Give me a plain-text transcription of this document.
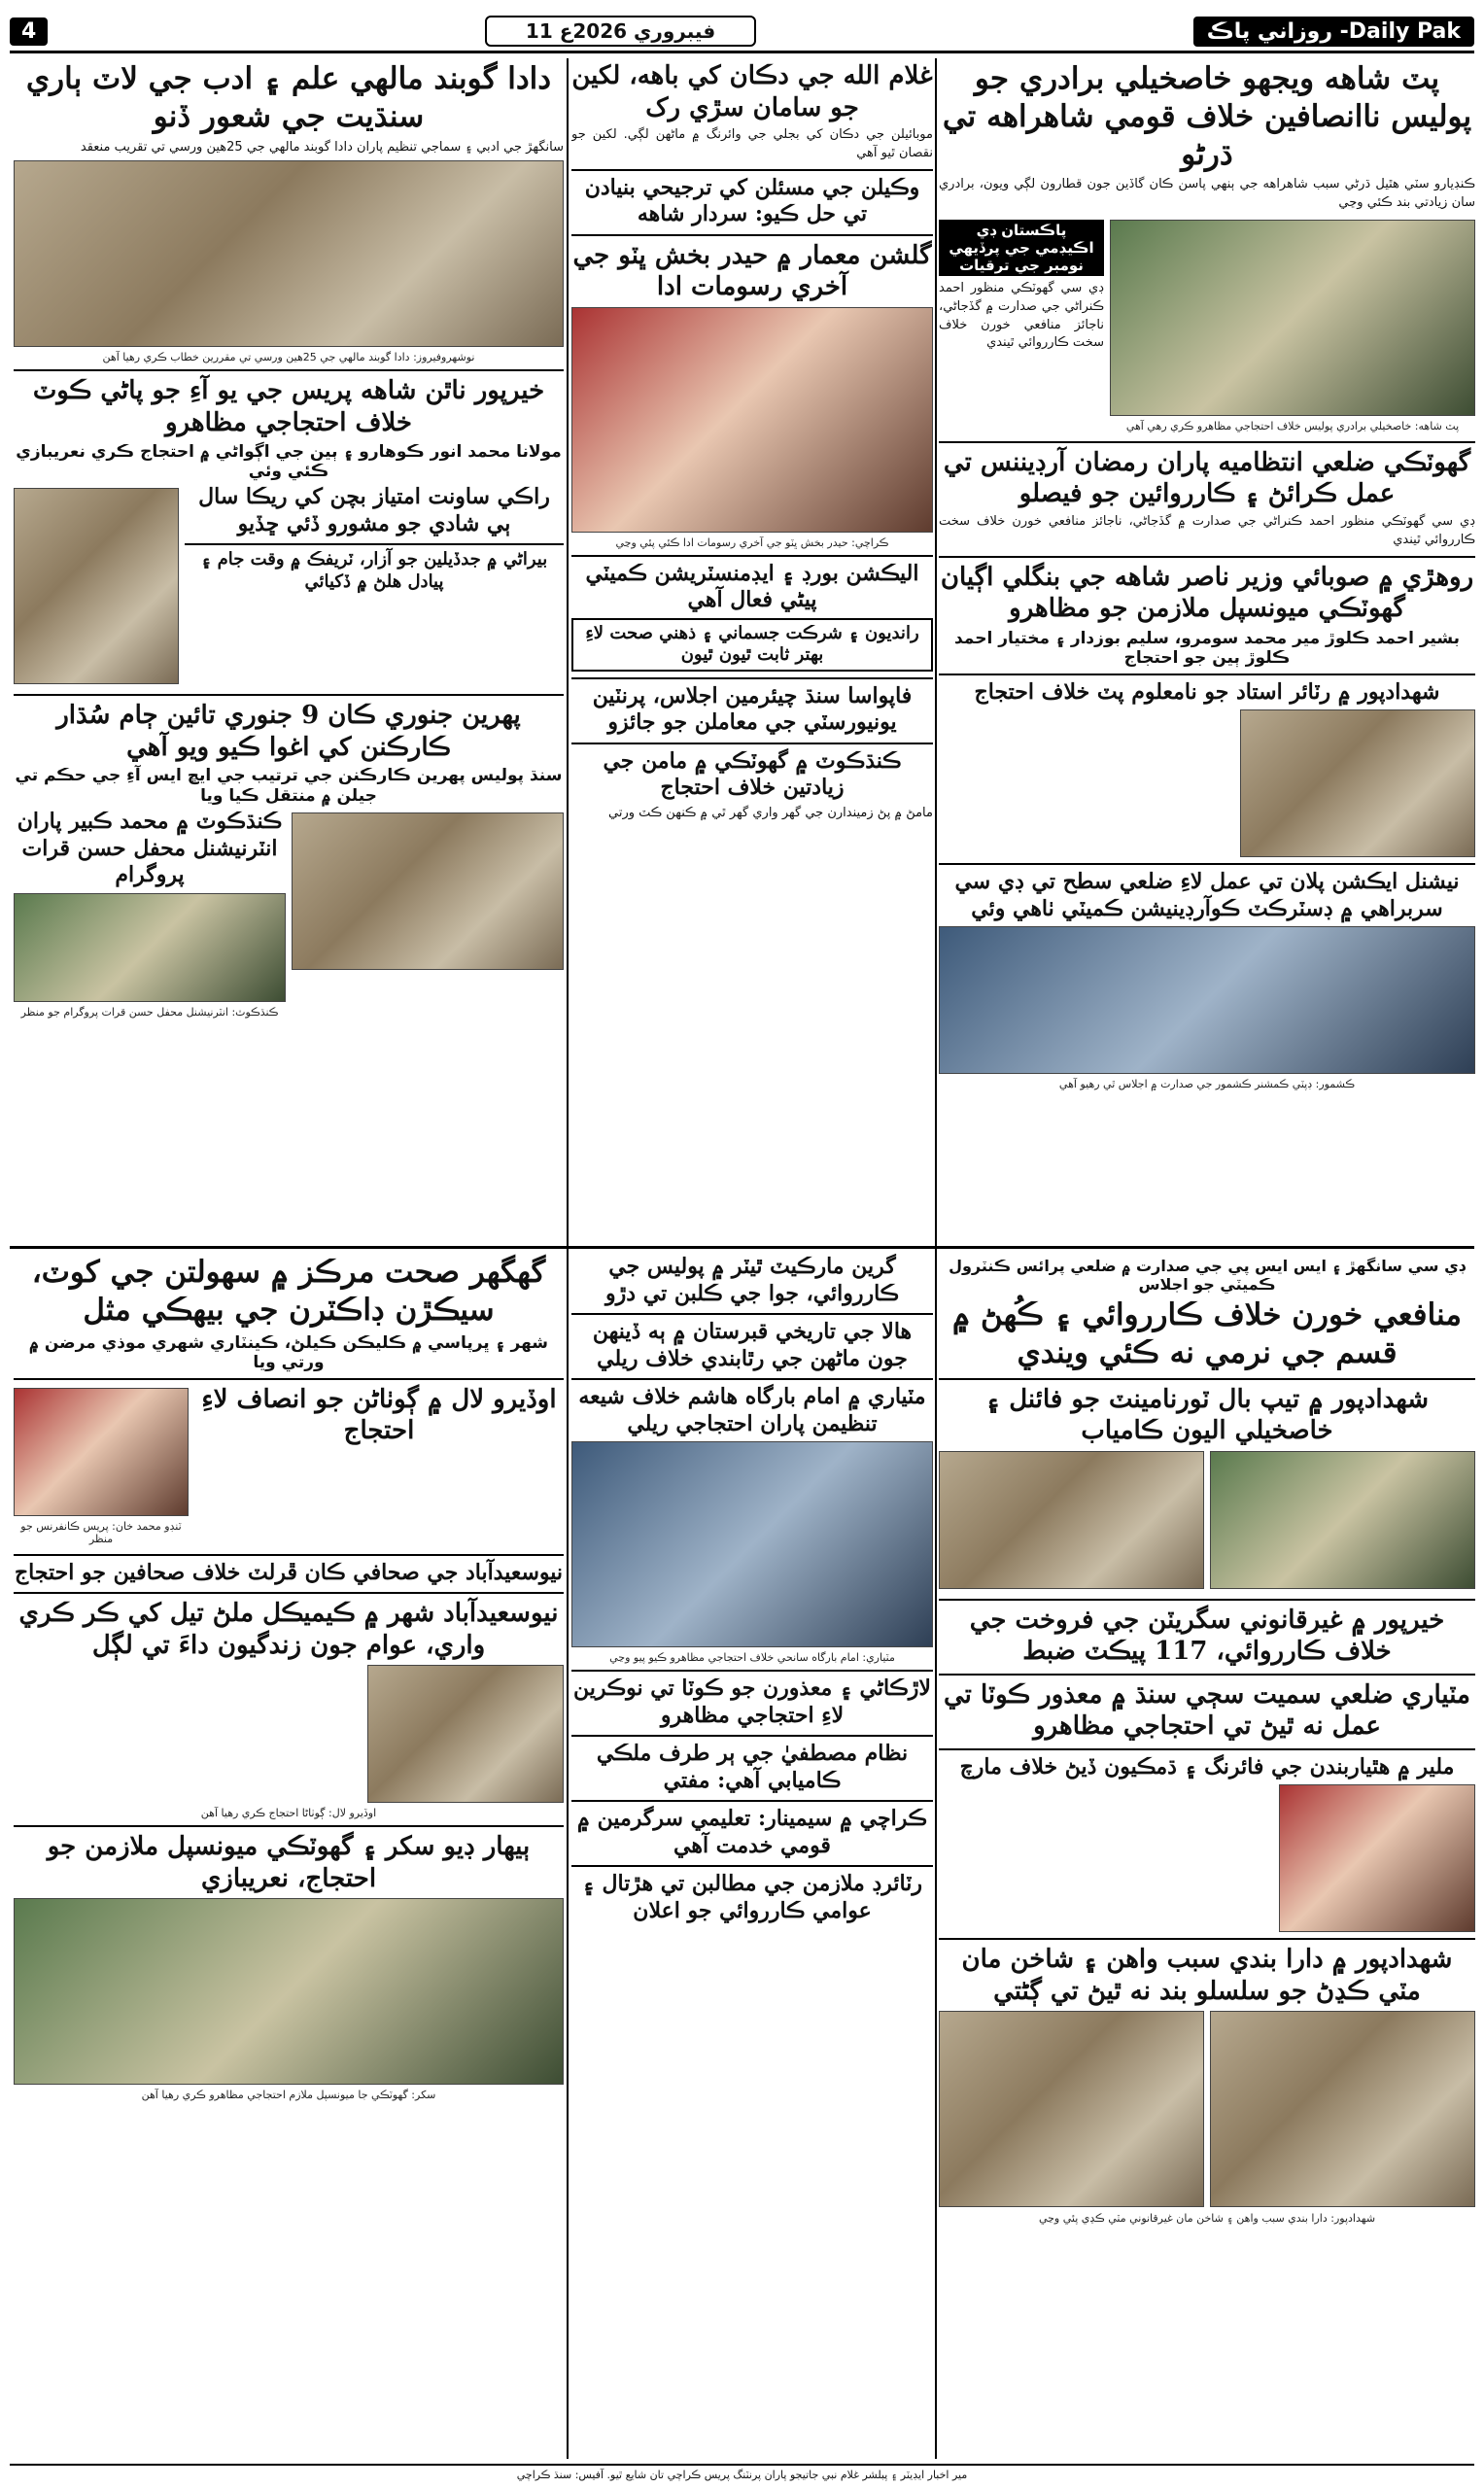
4	11 فيبروري 2026ع	Daily Pak- روزاني پاڪ
پٽ شاهه ويجهو خاصخيلي برادري جو پوليس ناانصافين خلاف قومي شاهراهه تي ڌرڻو

ڪنڊيارو سٽي هٿيل ڌرڻي سبب شاهراهه جي ٻنهي پاسن ڪان گاڏين جون قطارون لڳي ويون، برادري سان زيادتي بند ڪئي وڃي

پٽ شاهه: خاصخيلي برادري پوليس خلاف احتجاجي مظاهرو ڪري رهي آهي

پاڪستان ڊي اڪيڊمي جي پرڏيهي نومبر جي ترقيات

ڊي سي گهوٽڪي منظور احمد ڪنراڻي جي صدارت ۾ گڏجاڻي، ناجائز منافعي خورن خلاف سخت ڪارروائي ٿيندي

گهوٽڪي ضلعي انتظاميه پاران رمضان آرڊيننس تي عمل ڪرائڻ ۽ ڪارروائين جو فيصلو

ڊي سي گهوٽڪي منظور احمد ڪنراڻي جي صدارت ۾ گڏجاڻي، ناجائز منافعي خورن خلاف سخت ڪارروائي ٿيندي

روهڙي ۾ صوبائي وزير ناصر شاهه جي بنگلي اڳيان گهوٽڪي ميونسپل ملازمن جو مظاهرو

بشير احمد ڪلوڙ مير محمد سومرو، سليم بوزدار ۽ مختيار احمد ڪلوڙ ٻين جو احتجاج

شهدادپور ۾ رٽائر استاد جو نامعلوم پٽ خلاف احتجاج
نيشنل ايڪشن پلان تي عمل لاءِ ضلعي سطح تي ڊي سي سربراهي ۾ ڊسٽرڪٽ ڪوآرڊينيشن ڪميٽي ٺاهي وئي

ڪشمور: ڊپٽي ڪمشنر ڪشمور جي صدارت ۾ اجلاس ٿي رهيو آهي

غلام الله جي دڪان کي باهه، لکين جو سامان سڙي رک

موبائيلن جي دڪان کي بجلي جي وائرنگ ۾ ماڻهن لڳي. لکين جو نقصان ٿيو آهي

وڪيلن جي مسئلن کي ترجيحي بنيادن تي حل ڪيو: سردار شاهه
گلشن معمار ۾ حيدر بخش ڀٽو جي آخري رسومات ادا

ڪراچي: حيدر بخش ڀٽو جي آخري رسومات ادا ڪئي پئي وڃي

اليڪشن بورڊ ۽ ايڊمنسٽريشن ڪميٽي پيڻي فعال آهي
رانديون ۽ شرڪت جسماني ۽ ذهني صحت لاءِ بهتر ثابت ٿيون ٿيون
فاپواسا سنڌ چيئرمين اجلاس، پرنٽين يونيورسٽي جي معاملن جو جائزو
ڪنڌڪوٽ ۾ گهوٽڪي ۾ مامن جي زيادتين خلاف احتجاج

مامڻ ۾ پڻ زميندارن جي گهر واري گهر ٿي ۾ ڪنهن ڪٽ ورتي

دادا گوبند مالهي علم ۽ ادب جي لاٽ ٻاري سنڌيت جي شعور ڏنو

سانگهڙ جي ادبي ۽ سماجي تنظيم پاران دادا گوبند مالهي جي 25هين ورسي تي تقريب منعقد

نوشهروفيروز: دادا گوبند مالهي جي 25هين ورسي تي مقررين خطاب ڪري رهيا آهن

خيرپور ناٿن شاهه پريس جي يو آءِ جو پاڻي ڪوٽ خلاف احتجاجي مظاهرو

مولانا محمد انور ڪوهارو ۽ ٻين جي اڳواڻي ۾ احتجاج ڪري نعريبازي ڪئي وئي

راڪي ساونت امتياز بچن کي ريڪا سال ٻي شادي جو مشورو ڏئي ڇڏيو
بيراڻي ۾ جدڏيلين جو آزار، ٽريفڪ ۾ وقت جام ۽ پيادل هلڻ ۾ ڏکيائي
پهرين جنوري ڪان 9 جنوري تائين ڄام سُڌار ڪارڪنن کي اغوا ڪيو ويو آهي

سنڌ پوليس پهرين ڪارڪنن جي ترتيب جي ايڇ ايس آءِ جي حڪم تي جيلن ۾ منتقل ڪيا ويا

ڪنڌڪوٽ ۾ محمد ڪبير پاران انٽرنيشنل محفل حسن قرات پروگرام

ڪنڌڪوٽ: انٽرنيشنل محفل حسن قرات پروگرام جو منظر

ڊي سي سانگهڙ ۽ ايس ايس پي جي صدارت ۾ ضلعي پرائس ڪنٽرول ڪميٽي جو اجلاس

منافعي خورن خلاف ڪارروائي ۽ ڪُهڻ ۾ قسم جي نرمي نه ڪئي ويندي
شهدادپور ۾ تيپ بال ٽورنامينٽ جو فائنل ۽ خاصخيلي اليون ڪامياب
خيرپور ۾ غيرقانوني سگريٽن جي فروخت جي خلاف ڪارروائي، 117 پيڪٽ ضبط
مٽياري ضلعي سميت سڄي سنڌ ۾ معذور ڪوٽا تي عمل نه ٿيڻ تي احتجاجي مظاهرو
ملير ۾ هٿياربندن جي فائرنگ ۽ ڌمڪيون ڏيڻ خلاف مارچ
شهدادپور ۾ دارا بندي سبب واهن ۽ شاخن مان مٽي ڪڍڻ جو سلسلو بند نه ٿيڻ تي ڳڻتي

شهدادپور: دارا بندي سبب واهن ۽ شاخن مان غيرقانوني مٽي ڪڍي پئي وڃي

گرين مارڪيٽ ٿيٽر ۾ پوليس جي ڪارروائي، جوا جي ڪلبن تي دڙو
هالا جي تاريخي قبرستان ۾ ٻه ڏينهن جون ماڻهن جي رٿابندي خلاف ريلي
مٽياري ۾ امام بارگاه هاشم خلاف شيعه تنظيمن پاران احتجاجي ريلي

مٽياري: امام بارگاه سانحي خلاف احتجاجي مظاهرو ڪيو پيو وڃي

لاڙڪاڻي ۽ معذورن جو ڪوٽا تي نوڪرين لاءِ احتجاجي مظاهرو
نظام مصطفيٰ جي ٻر طرف ملڪي ڪاميابي آهي: مفتي
ڪراچي ۾ سيمينار: تعليمي سرگرمين ۾ قومي خدمت آهي
رٽائرڊ ملازمن جي مطالبن تي هڙتال ۽ عوامي ڪارروائي جو اعلان
گهگهر صحت مرڪز ۾ سهولتن جي کوٽ، سيڪڙن ڊاڪٽرن جي بيهڪي مثل

شهر ۽ ڀرپاسي ۾ ڪليڪن ڪيلڻ، ڪينٽاري شهري موذي مرضن ۾ ورتي ويا

اوڏيرو لال ۾ ڳوٺاڻن جو انصاف لاءِ احتجاج

ٽنڊو محمد خان: پريس ڪانفرنس جو منظر

نيوسعيدآباد جي صحافي ڪان ڦرلٽ خلاف صحافين جو احتجاج
نيوسعيدآباد شهر ۾ ڪيميڪل ملڻ تيل کي ڪر ڪري واري، عوام جون زندگيون داءَ تي لڳل

اوڏيرو لال: ڳوٺاڻا احتجاج ڪري رهيا آهن

ٻيهار ڊيو سکر ۽ گهوٽڪي ميونسپل ملازمن جو احتجاج، نعريبازي

سکر: گهوٽڪي جا ميونسپل ملازم احتجاجي مظاهرو ڪري رهيا آهن

مير اخبار ايڊيٽر ۽ پبلشر غلام نبي جاتيجو پاران پرنٽنگ پريس ڪراچي تان شايع ٿيو. آفيس: سنڌ ڪراچي
